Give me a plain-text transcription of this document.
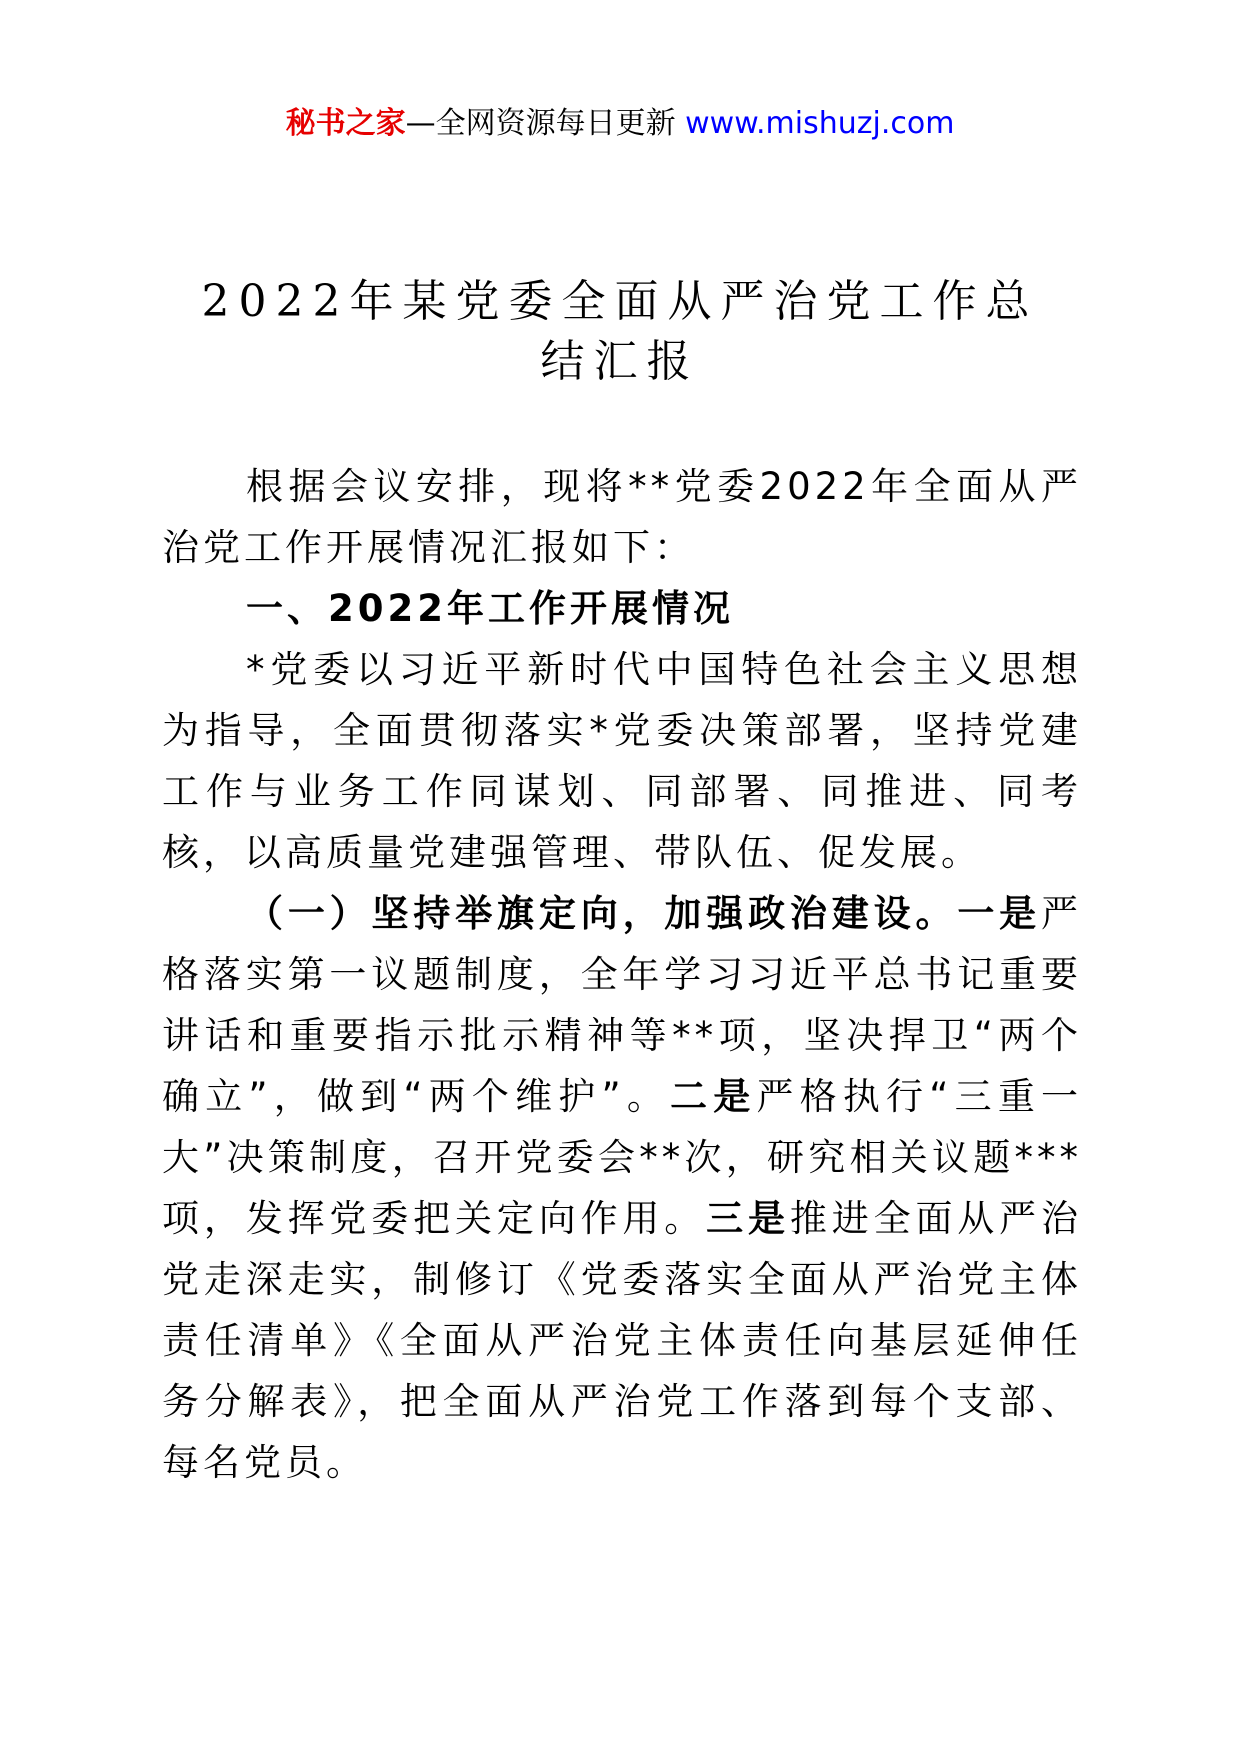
秘书之家—全网资源每日更新 www.mishuzj.com
2022年某党委全面从严治党工作总
结汇报

根据会议安排，现将**党委2022年全面从严治党工作开展情况汇报如下：

一、2022年工作开展情况

*党委以习近平新时代中国特色社会主义思想为指导，全面贯彻落实*党委决策部署，坚持党建工作与业务工作同谋划、同部署、同推进、同考核，以高质量党建强管理、带队伍、促发展。

（一）坚持举旗定向，加强政治建设。一是严格落实第一议题制度，全年学习习近平总书记重要讲话和重要指示批示精神等**项，坚决捍卫“两个确立”，做到“两个维护”。二是严格执行“三重一大”决策制度，召开党委会**次，研究相关议题***项，发挥党委把关定向作用。三是推进全面从严治党走深走实，制修订《党委落实全面从严治党主体责任清单》《全面从严治党主体责任向基层延伸任务分解表》，把全面从严治党工作落到每个支部、每名党员。
